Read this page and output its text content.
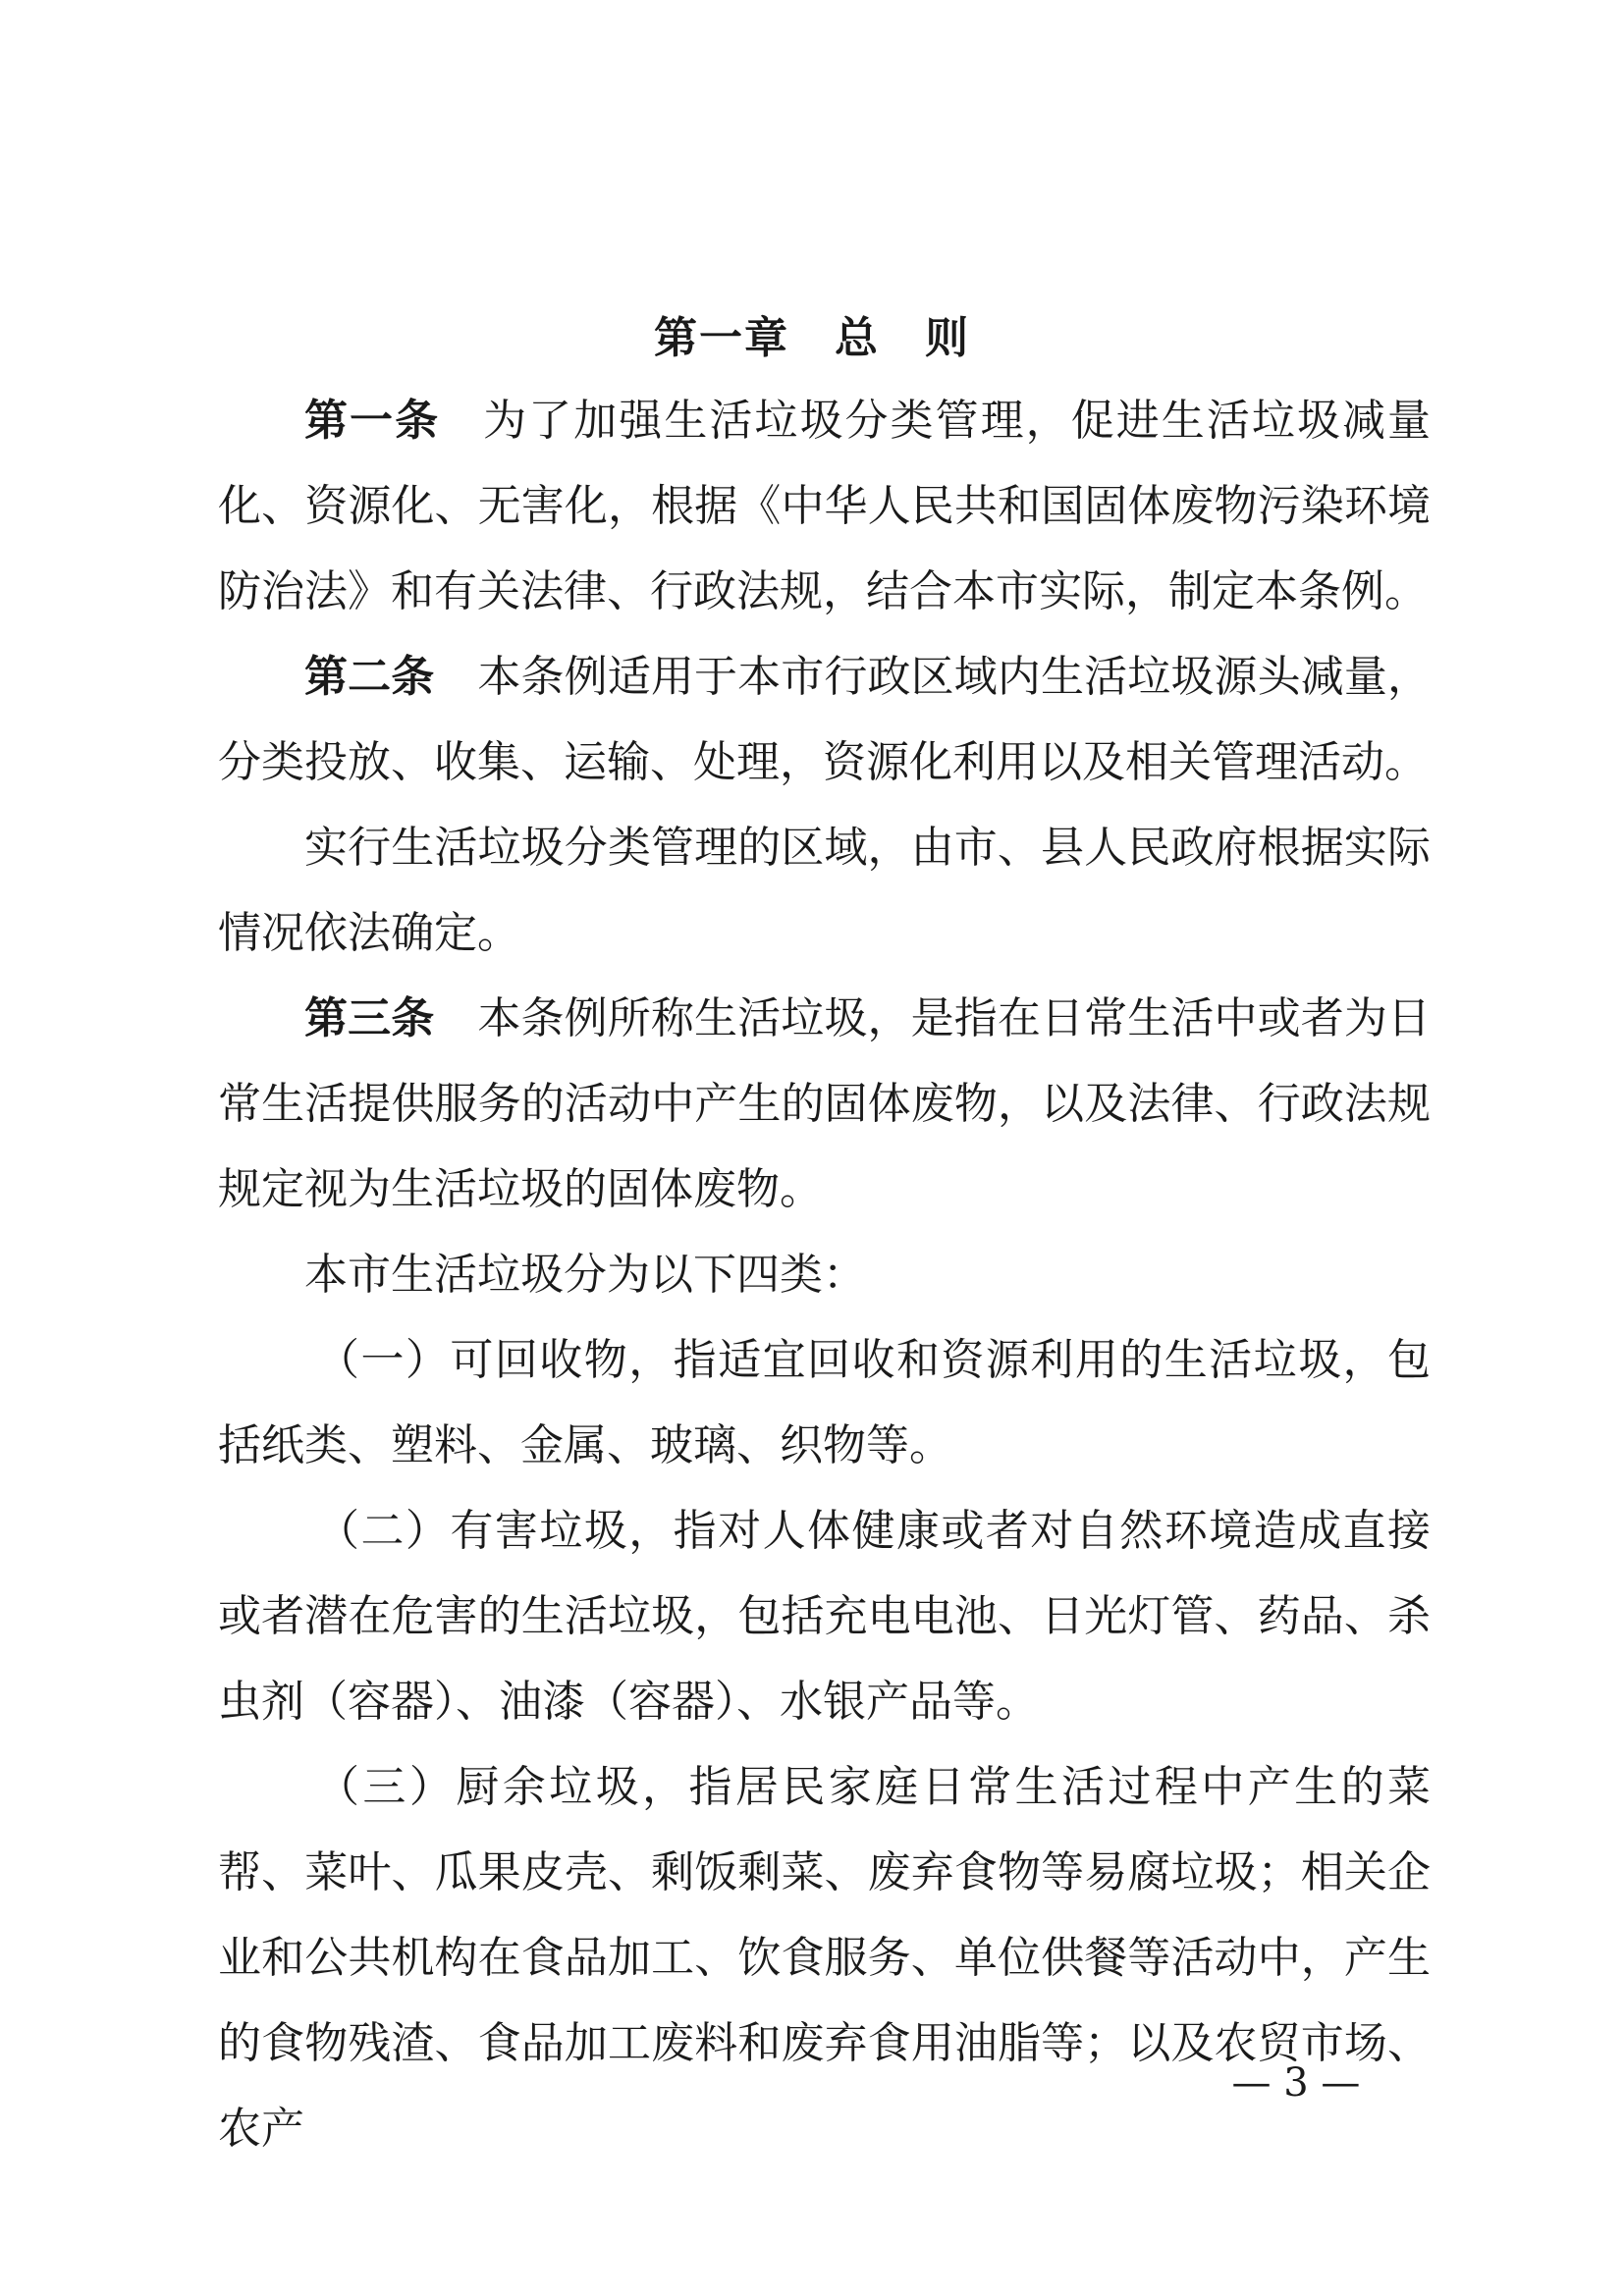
第一章　总　则

第一条 为了加强生活垃圾分类管理，促进生活垃圾减量化、资源化、无害化，根据《中华人民共和国固体废物污染环境防治法》和有关法律、行政法规，结合本市实际，制定本条例。

第二条 本条例适用于本市行政区域内生活垃圾源头减量，分类投放、收集、运输、处理，资源化利用以及相关管理活动。

实行生活垃圾分类管理的区域，由市、县人民政府根据实际情况依法确定。

第三条 本条例所称生活垃圾，是指在日常生活中或者为日常生活提供服务的活动中产生的固体废物，以及法律、行政法规规定视为生活垃圾的固体废物。

本市生活垃圾分为以下四类：

（一）可回收物，指适宜回收和资源利用的生活垃圾，包括纸类、塑料、金属、玻璃、织物等。

（二）有害垃圾，指对人体健康或者对自然环境造成直接或者潜在危害的生活垃圾，包括充电电池、日光灯管、药品、杀虫剂（容器）、油漆（容器）、水银产品等。

（三）厨余垃圾，指居民家庭日常生活过程中产生的菜帮、菜叶、瓜果皮壳、剩饭剩菜、废弃食物等易腐垃圾；相关企业和公共机构在食品加工、饮食服务、单位供餐等活动中，产生的食物残渣、食品加工废料和废弃食用油脂等；以及农贸市场、农产

— 3 —
